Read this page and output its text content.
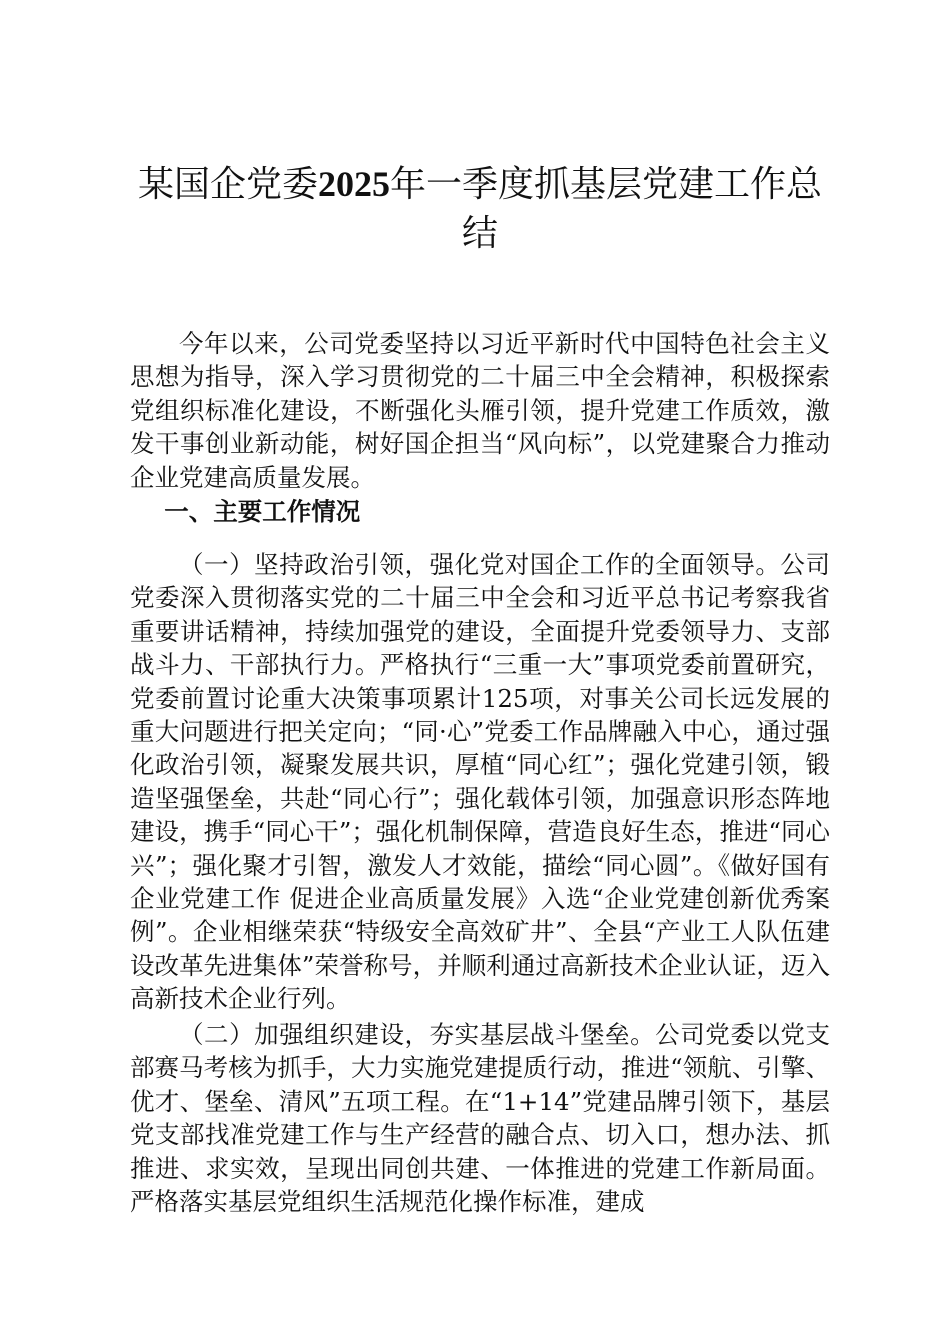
某国企党委2025年一季度抓基层党建工作总结

今年以来，公司党委坚持以习近平新时代中国特色社会主义思想为指导，深入学习贯彻党的二十届三中全会精神，积极探索党组织标准化建设，不断强化头雁引领，提升党建工作质效，激发干事创业新动能，树好国企担当“风向标”，以党建聚合力推动企业党建高质量发展。

一、主要工作情况

（一）坚持政治引领，强化党对国企工作的全面领导。公司党委深入贯彻落实党的二十届三中全会和习近平总书记考察我省重要讲话精神，持续加强党的建设，全面提升党委领导力、支部战斗力、干部执行力。严格执行“三重一大”事项党委前置研究，党委前置讨论重大决策事项累计125项，对事关公司长远发展的重大问题进行把关定向；“同·心”党委工作品牌融入中心，通过强化政治引领，凝聚发展共识，厚植“同心红”；强化党建引领，锻造坚强堡垒，共赴“同心行”；强化载体引领，加强意识形态阵地建设，携手“同心干”；强化机制保障，营造良好生态，推进“同心兴”；强化聚才引智，激发人才效能，描绘“同心圆”。《做好国有企业党建工作 促进企业高质量发展》入选“企业党建创新优秀案例”。企业相继荣获“特级安全高效矿井”、全县“产业工人队伍建设改革先进集体”荣誉称号，并顺利通过高新技术企业认证，迈入高新技术企业行列。

（二）加强组织建设，夯实基层战斗堡垒。公司党委以党支部赛马考核为抓手，大力实施党建提质行动，推进“领航、引擎、优才、堡垒、清风”五项工程。在“1+14”党建品牌引领下，基层党支部找准党建工作与生产经营的融合点、切入口，想办法、抓推进、求实效，呈现出同创共建、一体推进的党建工作新局面。严格落实基层党组织生活规范化操作标准，建成
